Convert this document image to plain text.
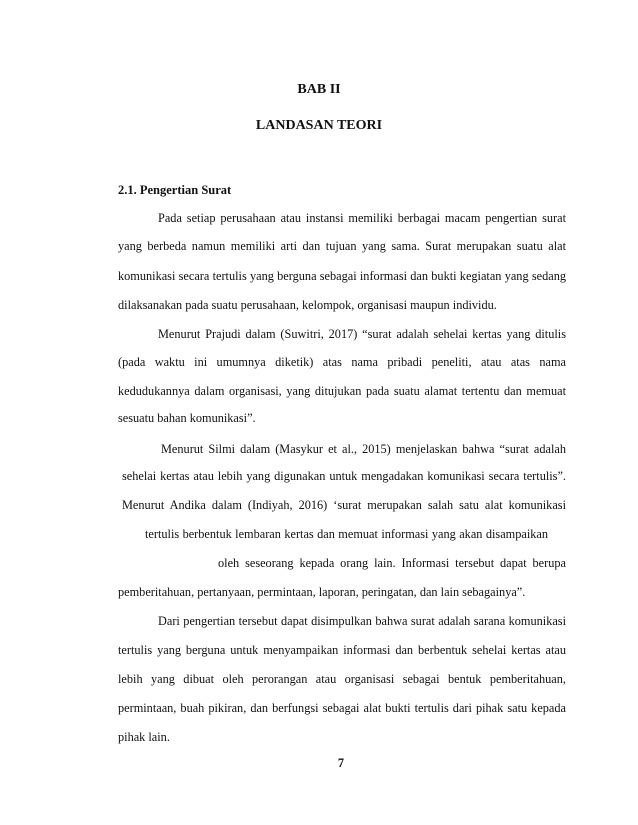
BAB II
LANDASAN TEORI
2.1. Pengertian Surat
Pada setiap perusahaan atau instansi memiliki berbagai macam pengertian surat
yang berbeda namun memiliki arti dan tujuan yang sama. Surat merupakan suatu alat
komunikasi secara tertulis yang berguna sebagai informasi dan bukti kegiatan yang sedang
dilaksanakan pada suatu perusahaan, kelompok, organisasi maupun individu.
Menurut Prajudi dalam (Suwitri, 2017) “surat adalah sehelai kertas yang ditulis
(pada waktu ini umumnya diketik) atas nama pribadi peneliti, atau atas nama
kedudukannya dalam organisasi, yang ditujukan pada suatu alamat tertentu dan memuat
sesuatu bahan komunikasi”.
Menurut Silmi dalam (Masykur et al., 2015) menjelaskan bahwa “surat adalah
sehelai kertas atau lebih yang digunakan untuk mengadakan komunikasi secara tertulis”.
Menurut Andika dalam (Indiyah, 2016) ‘surat merupakan salah satu alat komunikasi
tertulis berbentuk lembaran kertas dan memuat informasi yang akan disampaikan
oleh seseorang kepada orang lain. Informasi tersebut dapat berupa
pemberitahuan, pertanyaan, permintaan, laporan, peringatan, dan lain sebagainya”.
Dari pengertian tersebut dapat disimpulkan bahwa surat adalah sarana komunikasi
tertulis yang berguna untuk menyampaikan informasi dan berbentuk sehelai kertas atau
lebih yang dibuat oleh perorangan atau organisasi sebagai bentuk pemberitahuan,
permintaan, buah pikiran, dan berfungsi sebagai alat bukti tertulis dari pihak satu kepada
pihak lain.
7
